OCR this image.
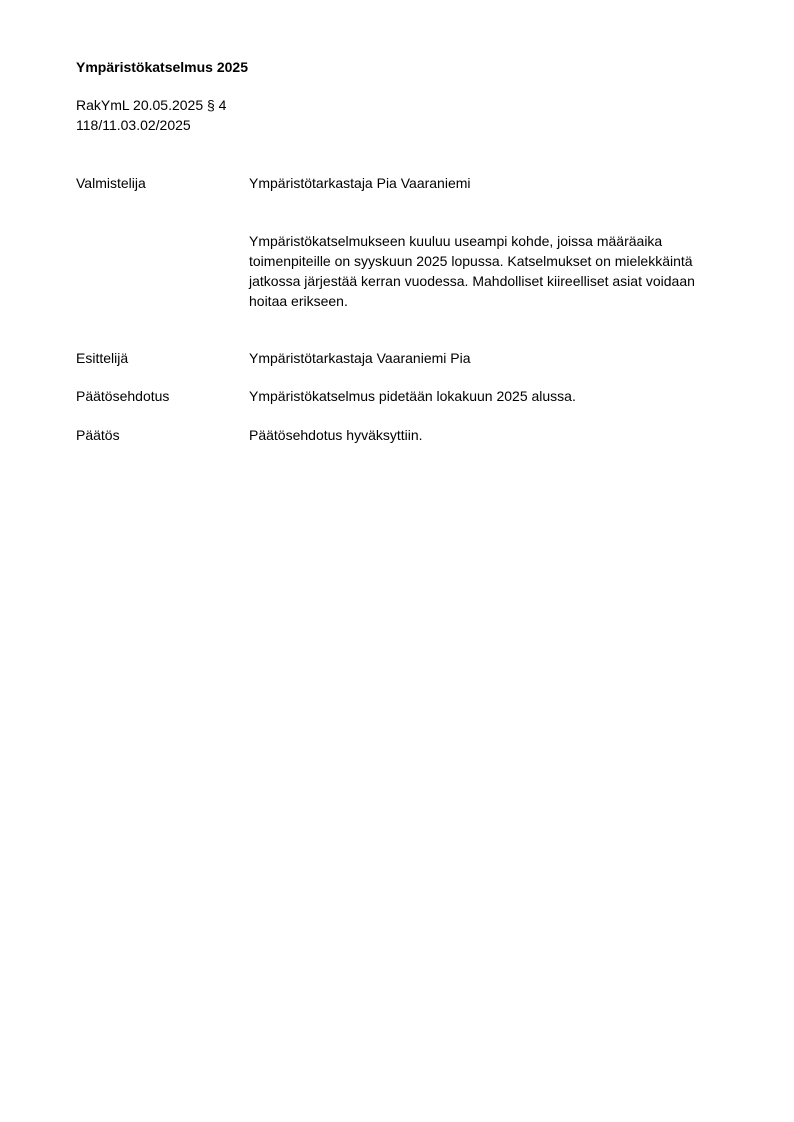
Ympäristökatselmus 2025

RakYmL 20.05.2025 § 4

118/11.03.02/2025

Valmistelija	Ympäristötarkastaja Pia Vaaraniemi

Ympäristökatselmukseen kuuluu useampi kohde, joissa määräaika
toimenpiteille on syyskuun 2025 lopussa. Katselmukset on mielekkäintä
jatkossa järjestää kerran vuodessa. Mahdolliset kiireelliset asiat voidaan
hoitaa erikseen.

Esittelijä	Ympäristötarkastaja Vaaraniemi Pia

Päätösehdotus	Ympäristökatselmus pidetään lokakuun 2025 alussa.

Päätös	Päätösehdotus hyväksyttiin.
